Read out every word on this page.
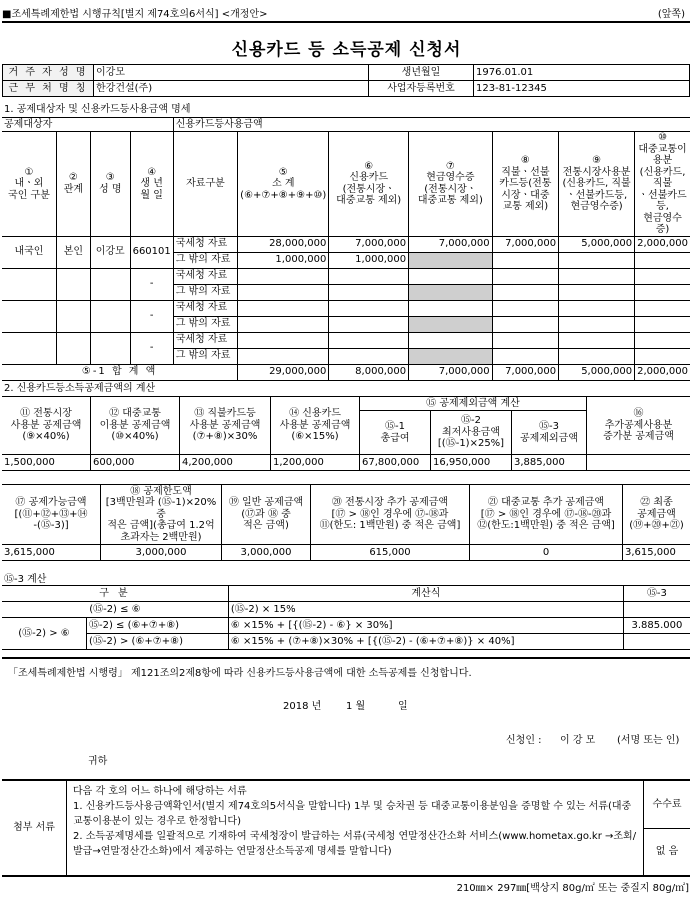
■조세특례제한법 시행규칙[별지 제74호의6서식] <개정안>	(앞쪽)
신용카드 등 소득공제 신청서
거 주 자 성 명	이강모	생년월일	1976.01.01
근 무 처 명 칭	한강건설(주)	사업자등록번호	123-81-12345
1. 공제대상자 및 신용카드등사용금액 명세
공제대상자				신용카드등사용금액						
①
내ㆍ외
국인 구분	②
관계	③
성 명	④
생 년
월 일	자료구분	⑤
소 계
(⑥+⑦+⑧+⑨+⑩)	⑥
신용카드
(전통시장ㆍ
대중교통 제외)	⑦
현금영수증
(전통시장ㆍ
대중교통 제외)	⑧
직불ㆍ선불
카드등(전통
시장ㆍ대중
교통 제외)	⑨
전통시장사용분
(신용카드, 직불
ㆍ선불카드등,
현금영수증)	⑩
대중교통이용분
(신용카드, 직불
ㆍ선불카드등,
현금영수증)
내국인	본인	이강모	660101	국세청 자료	28,000,000	7,000,000	7,000,000	7,000,000	5,000,000	2,000,000
				그 밖의 자료	1,000,000	1,000,000				
			-	국세청 자료						
				그 밖의 자료						
			-	국세청 자료						
				그 밖의 자료						
			-	국세청 자료						
				그 밖의 자료						
⑤-1 합 계 액					29,000,000	8,000,000	7,000,000	7,000,000	5,000,000	2,000,000
2. 신용카드등소득공제금액의 계산
⑪ 전통시장
사용분 공제금액
(⑨×40%)	⑫ 대중교통
이용분 공제금액
(⑩×40%)	⑬ 직불카드등
사용분 공제금액
(⑦+⑧)×30%	⑭ 신용카드
사용분 공제금액
(⑥×15%)	⑮ 공제제외금액 계산			⑯
추가공제사용분
증가분 공제금액
				⑮-1
총급여	⑮-2
최저사용금액
[(⑮-1)×25%]	⑮-3
공제제외금액	
1,500,000	600,000	4,200,000	1,200,000	67,800,000	16,950,000	3,885,000	
⑰ 공제가능금액
[(⑪+⑫+⑬+⑭
-(⑮-3)]	⑱ 공제한도액
[3백만원과 (⑮-1)×20% 중
적은 금액](총급여 1.2억
초과자는 2백만원)	⑲ 일반 공제금액
(⑰과 ⑱ 중
적은 금액)	⑳ 전통시장 추가 공제금액
[⑰ > ⑱인 경우에 ⑰-⑱과
⑪(한도: 1백만원) 중 적은 금액]	㉑ 대중교통 추가 공제금액
[⑰ > ⑱인 경우에 ⑰-⑱-⑳과
⑫(한도:1백만원) 중 적은 금액]	㉒ 최종
공제금액
(⑲+⑳+㉑)
3,615,000	3,000,000	3,000,000	615,000	0	3,615,000
⑮-3 계산
구 분		계산식	⑮-3
(⑮-2) ≤ ⑥		(⑮-2) × 15%	
(⑮-2) > ⑥	⑮-2) ≤ (⑥+⑦+⑧)	⑥ ×15% + [{(⑮-2) - ⑥} × 30%]	3.885.000
	(⑮-2) > (⑥+⑦+⑧)	⑥ ×15% + (⑦+⑧)×30% + [{(⑮-2) - (⑥+⑦+⑧)} × 40%]	
「조세특례제한법 시행령」 제121조의2제8항에 따라 신용카드등사용금액에 대한 소득공제를 신청합니다.
2018 년 1 월	일
신청인 : 이 강 모 (서명 또는 인)
귀하
첨부 서류	
다음 각 호의 어느 하나에 해당하는 서류
1. 신용카드등사용금액확인서(별지 제74호의5서식을 말합니다) 1부 및 승차권 등 대중교통이용분임을 증명할 수 있는 서류(대중교통이용분이 있는 경우로 한정합니다)
2. 소득공제명세를 일괄적으로 기재하여 국세청장이 발급하는 서류(국세청 연말정산간소화 서비스(www.hometax.go.kr →조회/발급→연말정산간소화)에서 제공하는 연말정산소득공제 명세를 말합니다)

수수료
없 음
210㎜× 297㎜[백상지 80g/㎡ 또는 중질지 80g/㎡]
